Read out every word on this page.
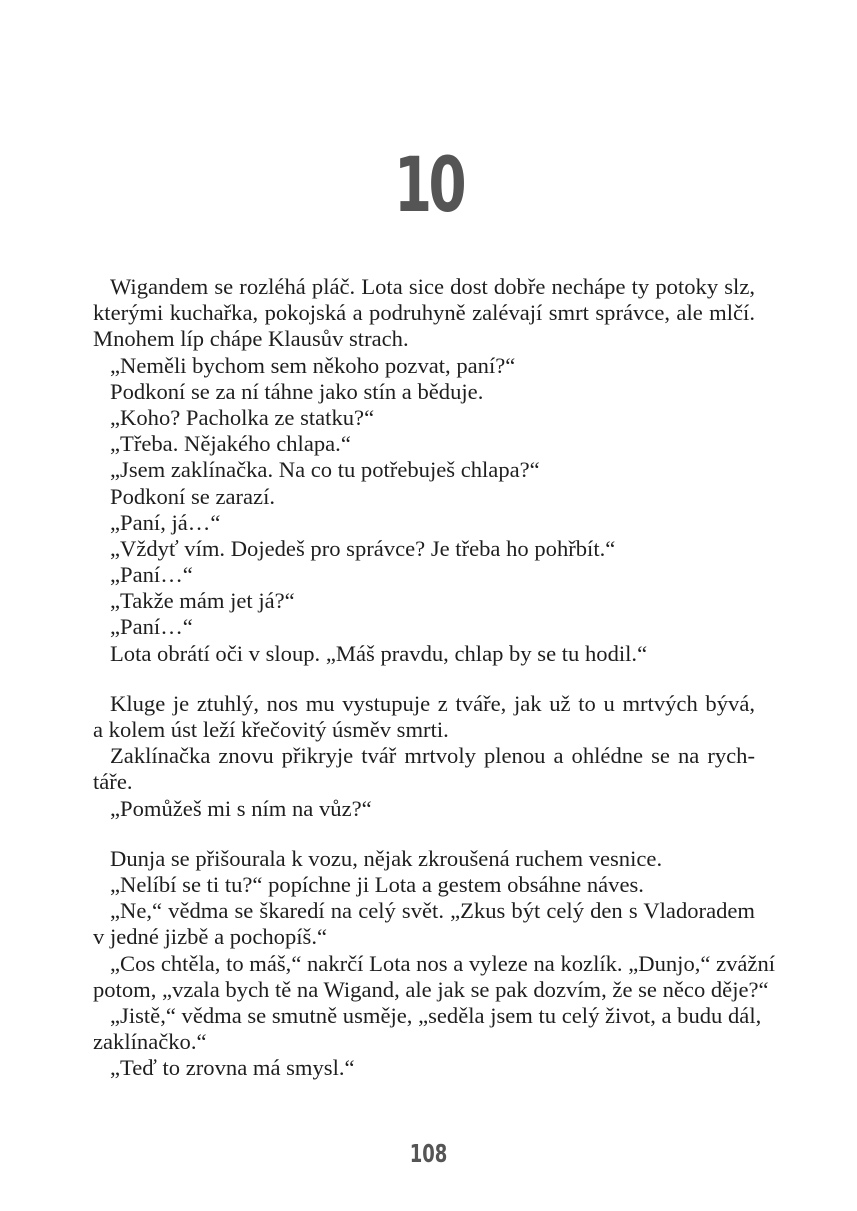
10
Wigandem se rozléhá pláč. Lota sice dost dobře nechápe ty potoky slz,
kterými kuchařka, pokojská a podruhyně zalévají smrt správce, ale mlčí.
Mnohem líp chápe Klausův strach.
„Neměli bychom sem někoho pozvat, paní?“
Podkoní se za ní táhne jako stín a běduje.
„Koho? Pacholka ze statku?“
„Třeba. Nějakého chlapa.“
„Jsem zaklínačka. Na co tu potřebuješ chlapa?“
Podkoní se zarazí.
„Paní, já…“
„Vždyť vím. Dojedeš pro správce? Je třeba ho pohřbít.“
„Paní…“
„Takže mám jet já?“
„Paní…“
Lota obrátí oči v sloup. „Máš pravdu, chlap by se tu hodil.“
Kluge je ztuhlý, nos mu vystupuje z tváře, jak už to u mrtvých bývá,
a kolem úst leží křečovitý úsměv smrti.
Zaklínačka znovu přikryje tvář mrtvoly plenou a ohlédne se na rych-
táře.
„Pomůžeš mi s ním na vůz?“
Dunja se přišourala k vozu, nějak zkroušená ruchem vesnice.
„Nelíbí se ti tu?“ popíchne ji Lota a gestem obsáhne náves.
„Ne,“ vědma se škaredí na celý svět. „Zkus být celý den s Vladoradem
v jedné jizbě a pochopíš.“
„Cos chtěla, to máš,“ nakrčí Lota nos a vyleze na kozlík. „Dunjo,“ zvážní
potom, „vzala bych tě na Wigand, ale jak se pak dozvím, že se něco děje?“
„Jistě,“ vědma se smutně usměje, „seděla jsem tu celý život, a budu dál,
zaklínačko.“
„Teď to zrovna má smysl.“
108
